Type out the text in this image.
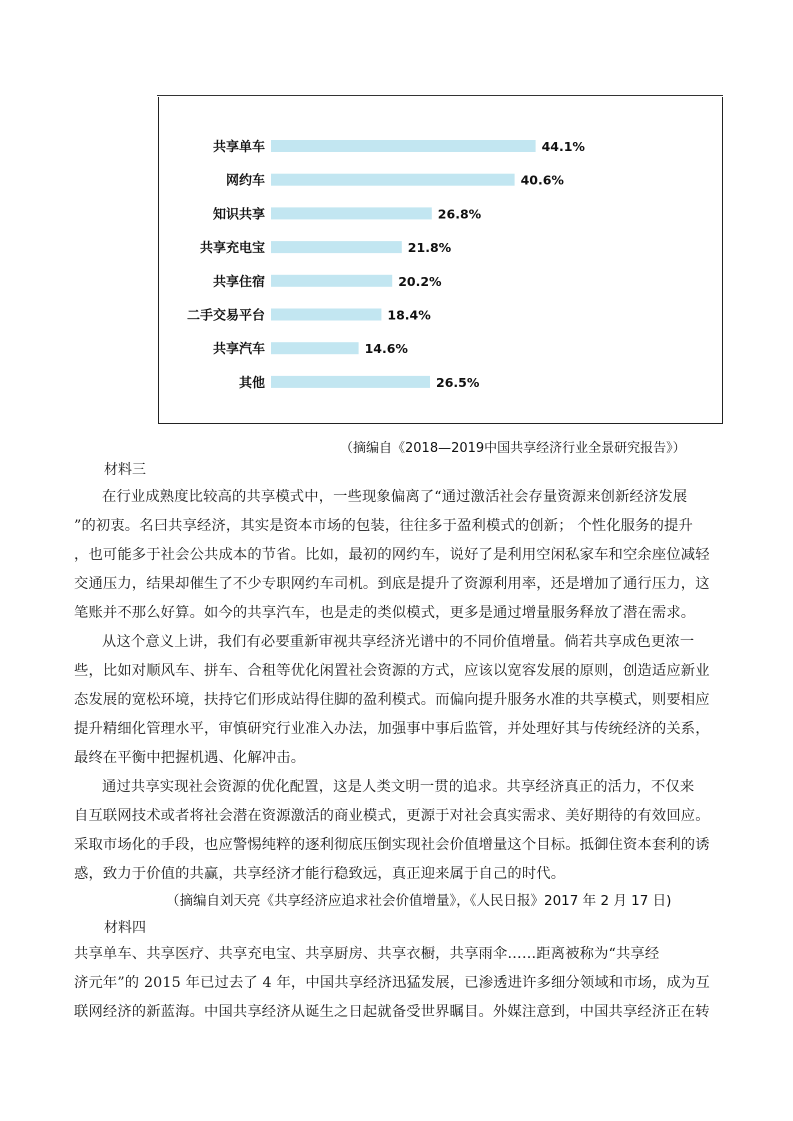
共享单车	44.1%
网约车	40.6%
知识共享	26.8%
共享充电宝	21.8%
共享住宿	20.2%
二手交易平台	18.4%
共享汽车	14.6%
其他	26.5%
（摘编自《2018—2019中国共享经济行业全景研究报告》）
材料三
在行业成熟度比较高的共享模式中，一些现象偏离了“通过激活社会存量资源来创新经济发展
”的初衷。名曰共享经济，其实是资本市场的包装，往往多于盈利模式的创新； 个性化服务的提升
，也可能多于社会公共成本的节省。比如，最初的网约车，说好了是利用空闲私家车和空余座位减轻
交通压力，结果却催生了不少专职网约车司机。到底是提升了资源利用率，还是增加了通行压力，这
笔账并不那么好算。如今的共享汽车，也是走的类似模式，更多是通过增量服务释放了潜在需求。
从这个意义上讲，我们有必要重新审视共享经济光谱中的不同价值增量。倘若共享成色更浓一
些，比如对顺风车、拼车、合租等优化闲置社会资源的方式，应该以宽容发展的原则，创造适应新业
态发展的宽松环境，扶持它们形成站得住脚的盈利模式。而偏向提升服务水准的共享模式，则要相应
提升精细化管理水平，审慎研究行业准入办法，加强事中事后监管，并处理好其与传统经济的关系，
最终在平衡中把握机遇、化解冲击。
通过共享实现社会资源的优化配置，这是人类文明一贯的追求。共享经济真正的活力，不仅来
自互联网技术或者将社会潜在资源激活的商业模式，更源于对社会真实需求、美好期待的有效回应。
采取市场化的手段，也应警惕纯粹的逐利彻底压倒实现社会价值增量这个目标。抵御住资本套利的诱
惑，致力于价值的共赢，共享经济才能行稳致远，真正迎来属于自己的时代。
（摘编自刘天亮《共享经济应追求社会价值增量》，《人民日报》2017 年 2 月 17 日)
材料四
共享单车、共享医疗、共享充电宝、共享厨房、共享衣橱，共享雨伞……距离被称为“共享经
济元年”的 2015 年已过去了 4 年，中国共享经济迅猛发展，已渗透进许多细分领域和市场，成为互
联网经济的新蓝海。中国共享经济从诞生之日起就备受世界瞩目。外媒注意到，中国共享经济正在转
